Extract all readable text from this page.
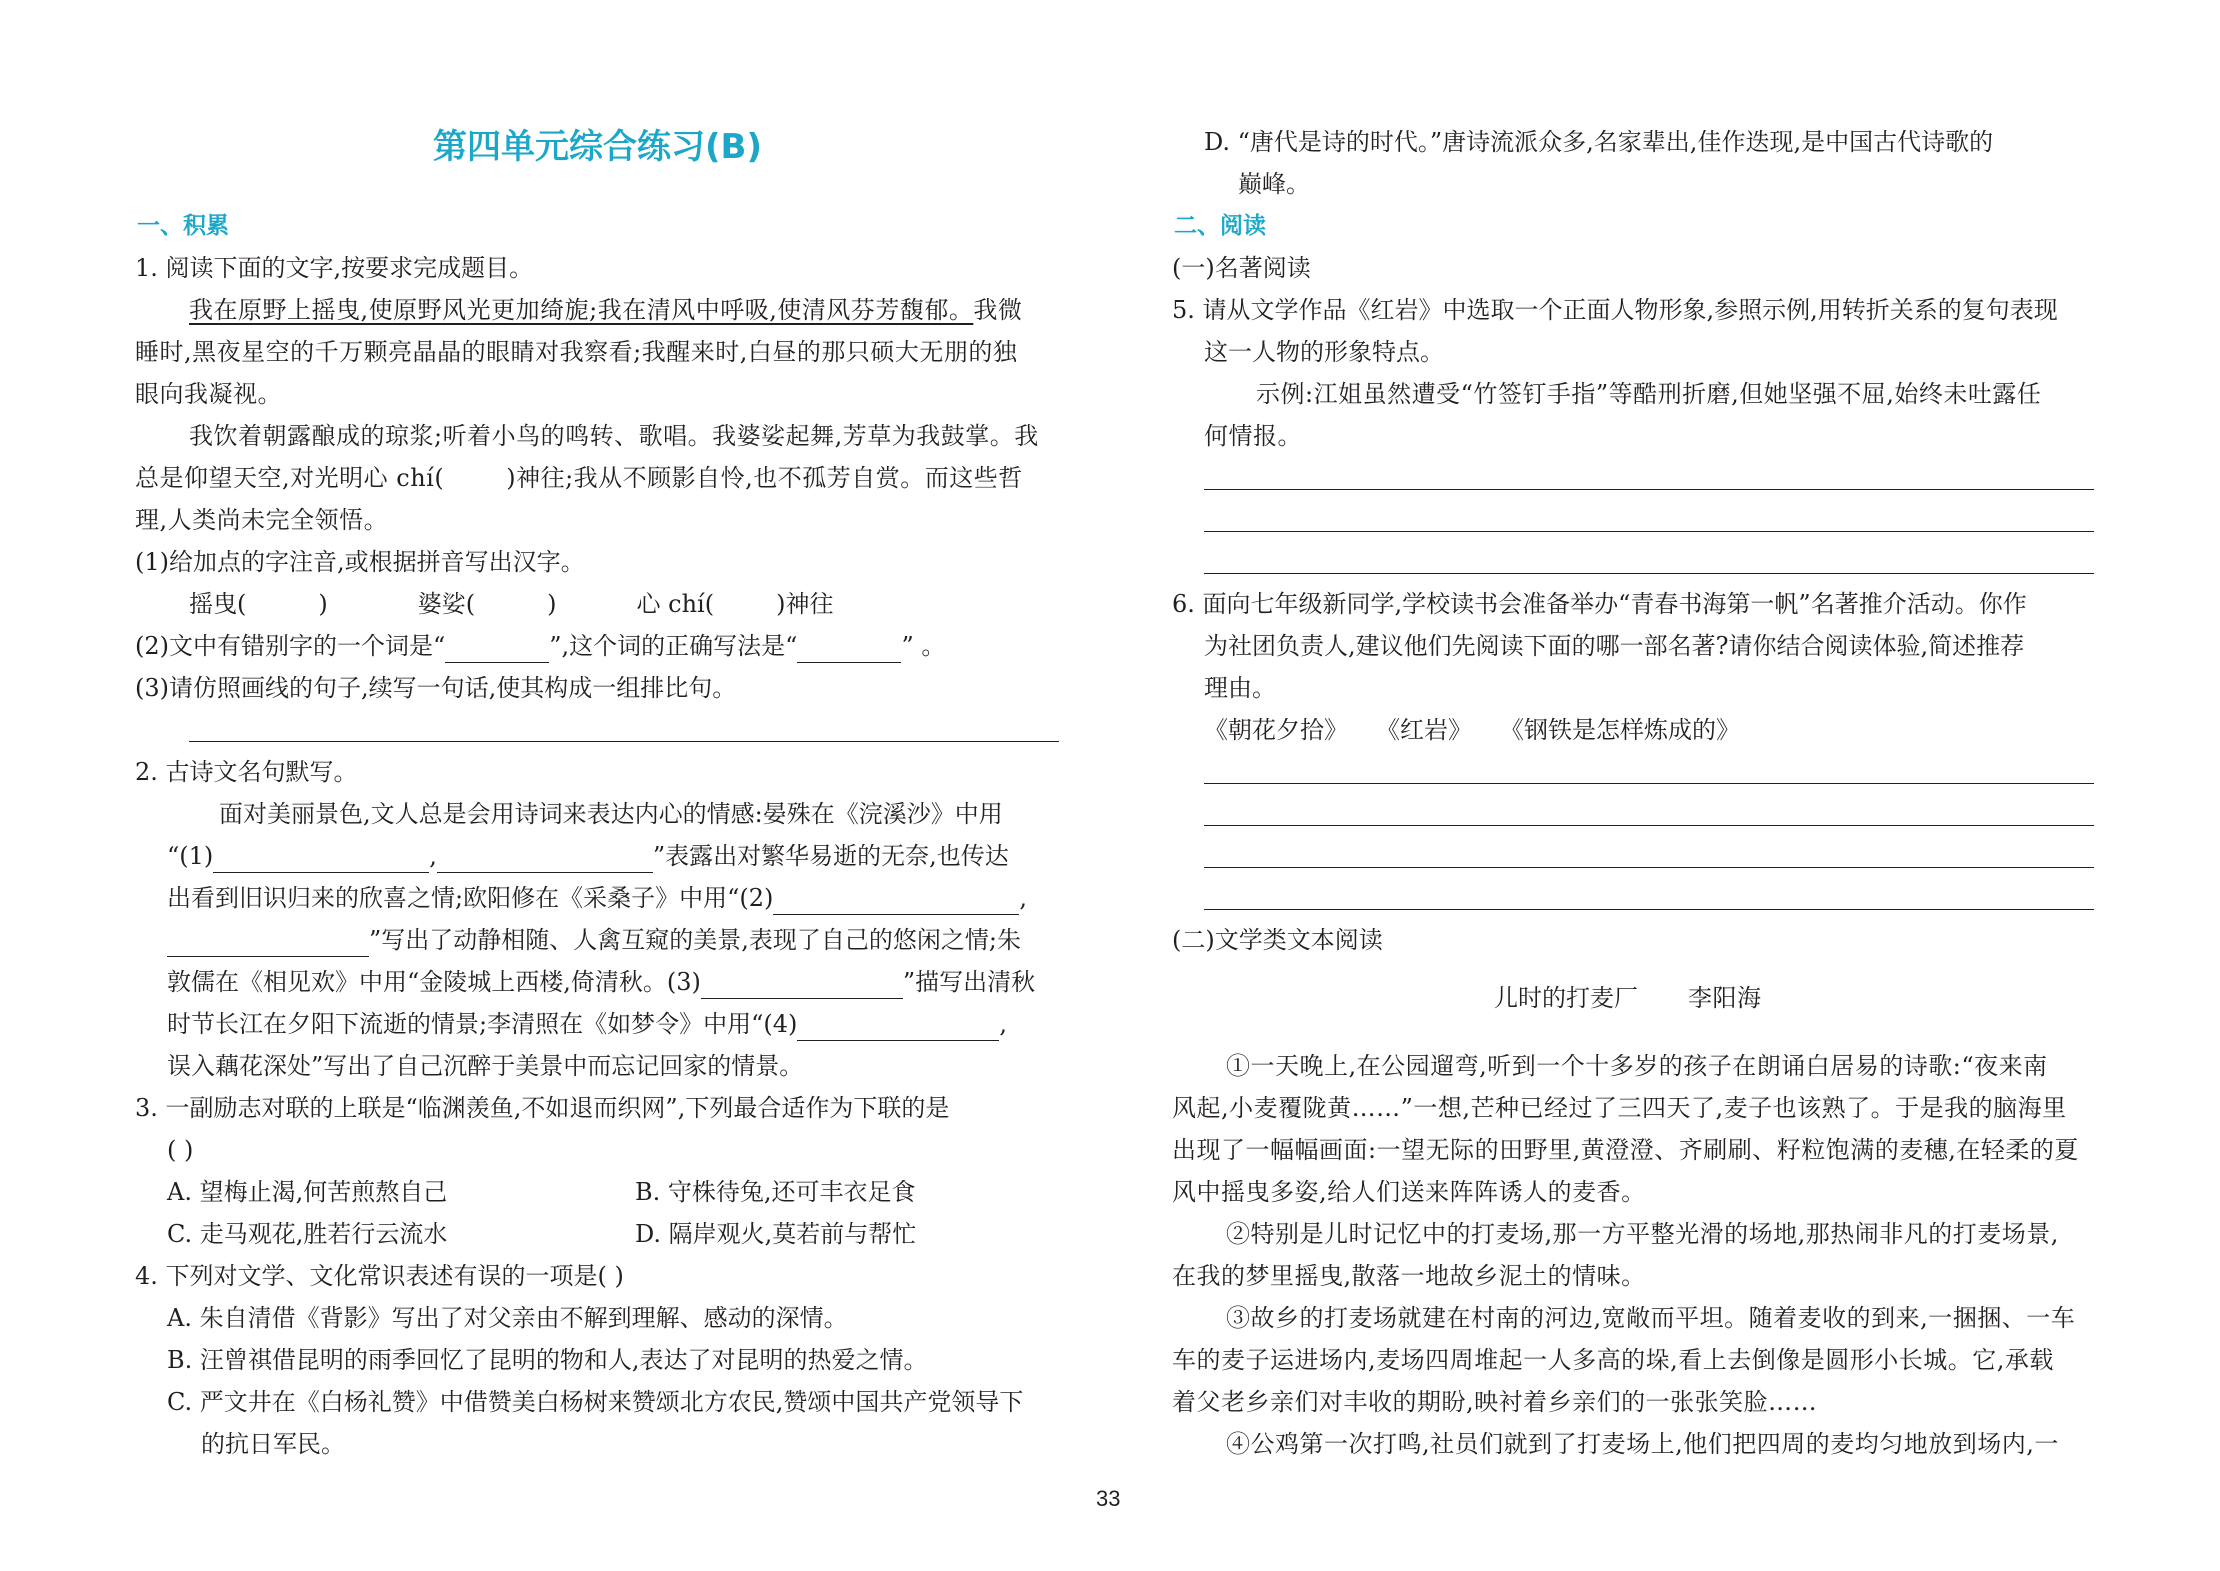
第四单元综合练习(B)
一、积累
1. 阅读下面的文字,按要求完成题目。
我在原野上摇曳,使原野风光更加绮旎;我在清风中呼吸,使清风芬芳馥郁。我微
睡时,黑夜星空的千万颗亮晶晶的眼睛对我察看;我醒来时,白昼的那只硕大无朋的独
眼向我凝视。
我饮着朝露酿成的琼浆;听着小鸟的鸣转、歌唱。我婆娑起舞,芳草为我鼓掌。我
总是仰望天空,对光明心 chí(	)神往;我从不顾影自怜,也不孤芳自赏。而这些哲
理,人类尚未完全领悟。
(1)给加点的字注音,或根据拼音写出汉字。
摇曳(	)	婆娑(	)	心 chí(	)神往
(2)文中有错别字的一个词是“	”,这个词的正确写法是“	” 。
(3)请仿照画线的句子,续写一句话,使其构成一组排比句。
2. 古诗文名句默写。
面对美丽景色,文人总是会用诗词来表达内心的情感:晏殊在《浣溪沙》中用
“(1)	,	”表露出对繁华易逝的无奈,也传达
出看到旧识归来的欣喜之情;欧阳修在《采桑子》中用“(2)	,
”写出了动静相随、人禽互窥的美景,表现了自己的悠闲之情;朱
敦儒在《相见欢》中用“金陵城上西楼,倚清秋。(3)	”描写出清秋
时节长江在夕阳下流逝的情景;李清照在《如梦令》中用“(4)	,
误入藕花深处”写出了自己沉醉于美景中而忘记回家的情景。
3. 一副励志对联的上联是“临渊羡鱼,不如退而织网”,下列最合适作为下联的是
( )
A. 望梅止渴,何苦煎熬自己	B. 守株待兔,还可丰衣足食
C. 走马观花,胜若行云流水	D. 隔岸观火,莫若前与帮忙
4. 下列对文学、文化常识表述有误的一项是( )
A. 朱自清借《背影》写出了对父亲由不解到理解、感动的深情。
B. 汪曾祺借昆明的雨季回忆了昆明的物和人,表达了对昆明的热爱之情。
C. 严文井在《白杨礼赞》中借赞美白杨树来赞颂北方农民,赞颂中国共产党领导下
的抗日军民。
D. “唐代是诗的时代。”唐诗流派众多,名家辈出,佳作迭现,是中国古代诗歌的
巅峰。
二、阅读
(一)名著阅读
5. 请从文学作品《红岩》中选取一个正面人物形象,参照示例,用转折关系的复句表现
这一人物的形象特点。
示例:江姐虽然遭受“竹签钉手指”等酷刑折磨,但她坚强不屈,始终未吐露任
何情报。
6. 面向七年级新同学,学校读书会准备举办“青春书海第一帆”名著推介活动。你作
为社团负责人,建议他们先阅读下面的哪一部名著?请你结合阅读体验,简述推荐
理由。
《朝花夕拾》 《红岩》 《钢铁是怎样炼成的》
(二)文学类文本阅读
儿时的打麦厂 李阳海
①一天晚上,在公园遛弯,听到一个十多岁的孩子在朗诵白居易的诗歌:“夜来南
风起,小麦覆陇黄……”一想,芒种已经过了三四天了,麦子也该熟了。于是我的脑海里
出现了一幅幅画面:一望无际的田野里,黄澄澄、齐刷刷、籽粒饱满的麦穗,在轻柔的夏
风中摇曳多姿,给人们送来阵阵诱人的麦香。
②特别是儿时记忆中的打麦场,那一方平整光滑的场地,那热闹非凡的打麦场景,
在我的梦里摇曳,散落一地故乡泥土的情味。
③故乡的打麦场就建在村南的河边,宽敞而平坦。随着麦收的到来,一捆捆、一车
车的麦子运进场内,麦场四周堆起一人多高的垛,看上去倒像是圆形小长城。它,承载
着父老乡亲们对丰收的期盼,映衬着乡亲们的一张张笑脸……
④公鸡第一次打鸣,社员们就到了打麦场上,他们把四周的麦均匀地放到场内,一
33
